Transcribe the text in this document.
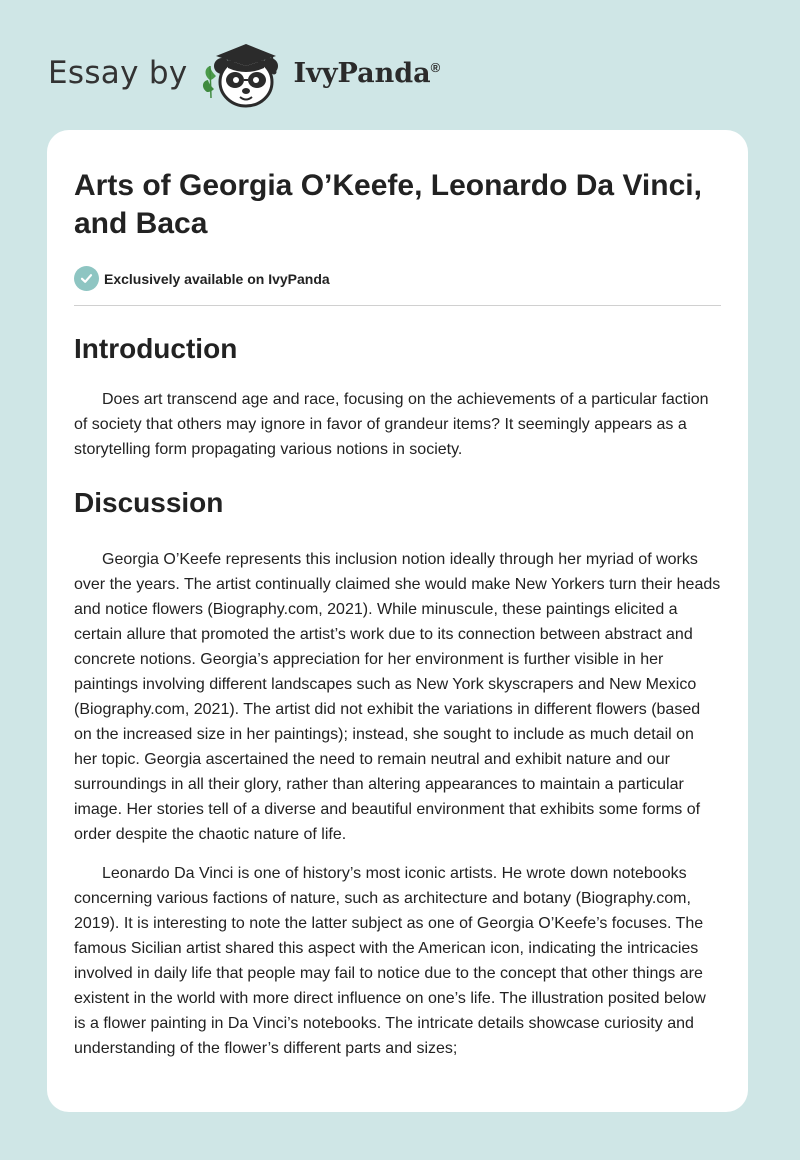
Essay by	IvyPanda®
Arts of Georgia O’Keefe, Leonardo Da Vinci, and Baca
Exclusively available on IvyPanda
Introduction

Does art transcend age and race, focusing on the achievements of a particular faction of society that others may ignore in favor of grandeur items? It seemingly appears as a storytelling form propagating various notions in society.

Discussion

Georgia O’Keefe represents this inclusion notion ideally through her myriad of works over the years. The artist continually claimed she would make New Yorkers turn their heads and notice flowers (Biography.com, 2021). While minuscule, these paintings elicited a certain allure that promoted the artist’s work due to its connection between abstract and concrete notions. Georgia’s appreciation for her environment is further visible in her paintings involving different landscapes such as New York skyscrapers and New Mexico (Biography.com, 2021). The artist did not exhibit the variations in different flowers (based on the increased size in her paintings); instead, she sought to include as much detail on her topic. Georgia ascertained the need to remain neutral and exhibit nature and our surroundings in all their glory, rather than altering appearances to maintain a particular image. Her stories tell of a diverse and beautiful environment that exhibits some forms of order despite the chaotic nature of life.

Leonardo Da Vinci is one of history’s most iconic artists. He wrote down notebooks concerning various factions of nature, such as architecture and botany (Biography.com, 2019). It is interesting to note the latter subject as one of Georgia O’Keefe’s focuses. The famous Sicilian artist shared this aspect with the American icon, indicating the intricacies involved in daily life that people may fail to notice due to the concept that other things are existent in the world with more direct influence on one’s life. The illustration posited below is a flower painting in Da Vinci’s notebooks. The intricate details showcase curiosity and understanding of the flower’s different parts and sizes;
